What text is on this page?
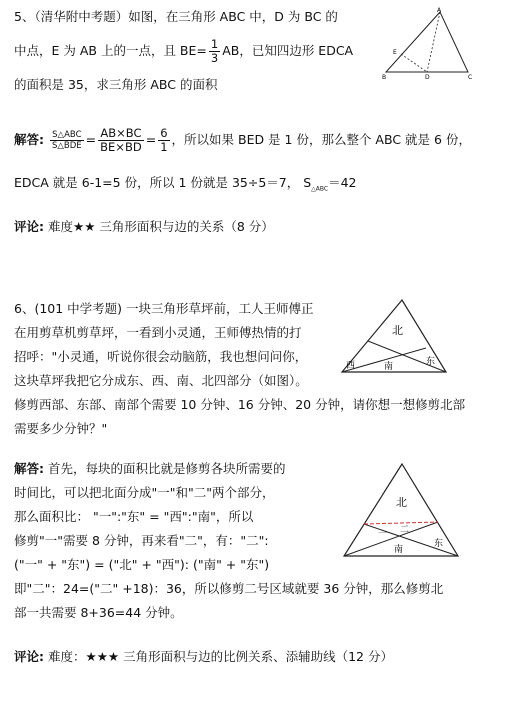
5、（清华附中考题）如图，在三角形 ABC 中，D 为 BC 的
中点，E 为 AB 上的一点，且 $BE= \frac{1}{3}$ AB，已知四边形 EDCA
的面积是 35，求三角形 ABC 的面积
A
E
B	D	C
解答: $\frac{\text{S△ABC}}{\text{S△BDE}} = \frac{AB\times BC}{BE\times BD} = \frac{6}{1}$ ，所以如果 BED 是 1 份，那么整个 ABC 就是 6 份，
EDCA 就是 6-1=5 份，所以 1 份就是 35÷5＝7， $S_{\triangle ABC}=42$
评论: 难度★★ 三角形面积与边的关系（8 分）
6、(101 中学考题) 一块三角形草坪前，工人王师傅正
在用剪草机剪草坪，一看到小灵通，王师傅热情的打
招呼："小灵通，听说你很会动脑筋，我也想问问你，
这块草坪我把它分成东、西、南、北四部分（如图）。
修剪西部、东部、南部个需要 10 分钟、16 分钟、20 分钟，请你想一想修剪北部
需要多少分钟？"
北
西	南	东
解答: 首先，每块的面积比就是修剪各块所需要的
时间比，可以把北面分成"一"和"二"两个部分，
那么面积比： "一":"东" = "西":"南"，所以
修剪"一"需要 8 分钟，再来看"二"，有："二":
("一" + "东") = ("北" + "西"): ("南" + "东")
即"二"：24=("二" +18)：36，所以修剪二号区域就要 36 分钟，那么修剪北
部一共需要 8+36=44 分钟。
北
一 二
南
东
评论: 难度：★★★ 三角形面积与边的比例关系、添辅助线（12 分）
